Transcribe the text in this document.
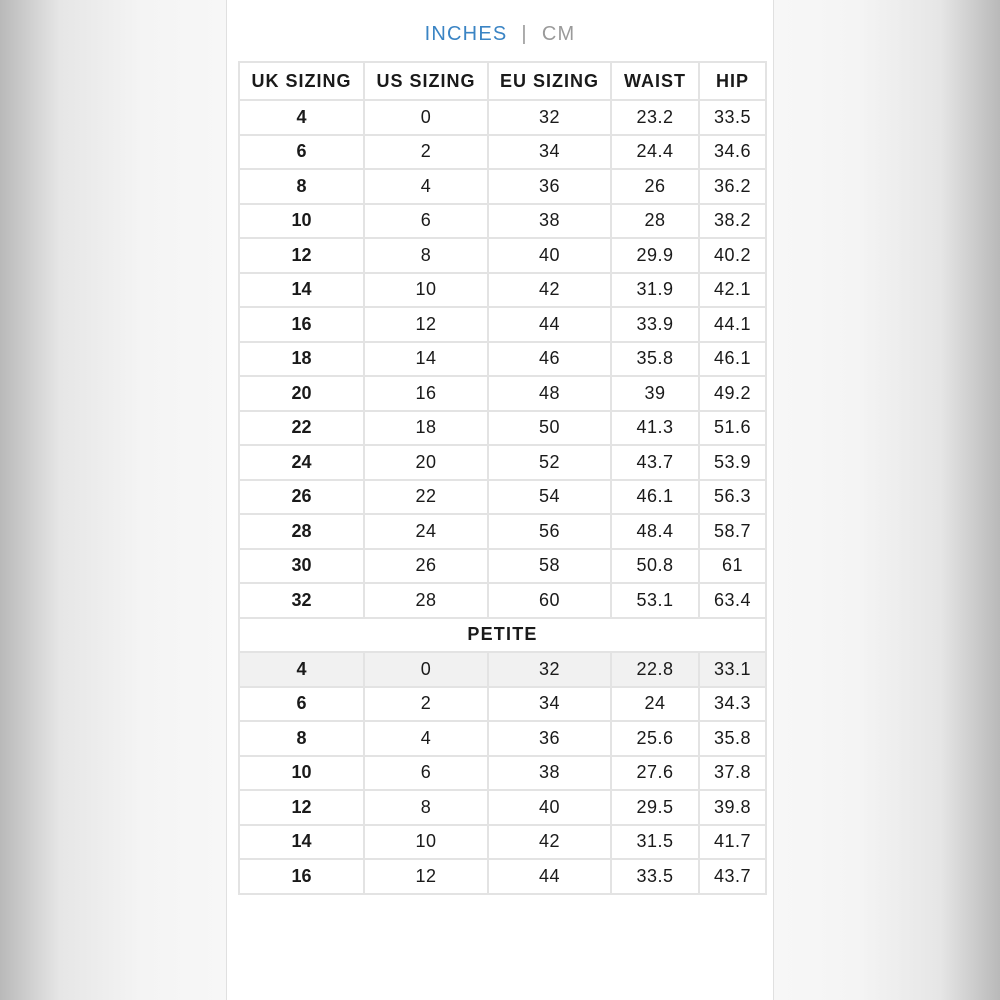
INCHES | CM
UK SIZING	US SIZING	EU SIZING	WAIST	HIP
4	0	32	23.2	33.5
6	2	34	24.4	34.6
8	4	36	26	36.2
10	6	38	28	38.2
12	8	40	29.9	40.2
14	10	42	31.9	42.1
16	12	44	33.9	44.1
18	14	46	35.8	46.1
20	16	48	39	49.2
22	18	50	41.3	51.6
24	20	52	43.7	53.9
26	22	54	46.1	56.3
28	24	56	48.4	58.7
30	26	58	50.8	61
32	28	60	53.1	63.4
PETITE				
4	0	32	22.8	33.1
6	2	34	24	34.3
8	4	36	25.6	35.8
10	6	38	27.6	37.8
12	8	40	29.5	39.8
14	10	42	31.5	41.7
16	12	44	33.5	43.7
